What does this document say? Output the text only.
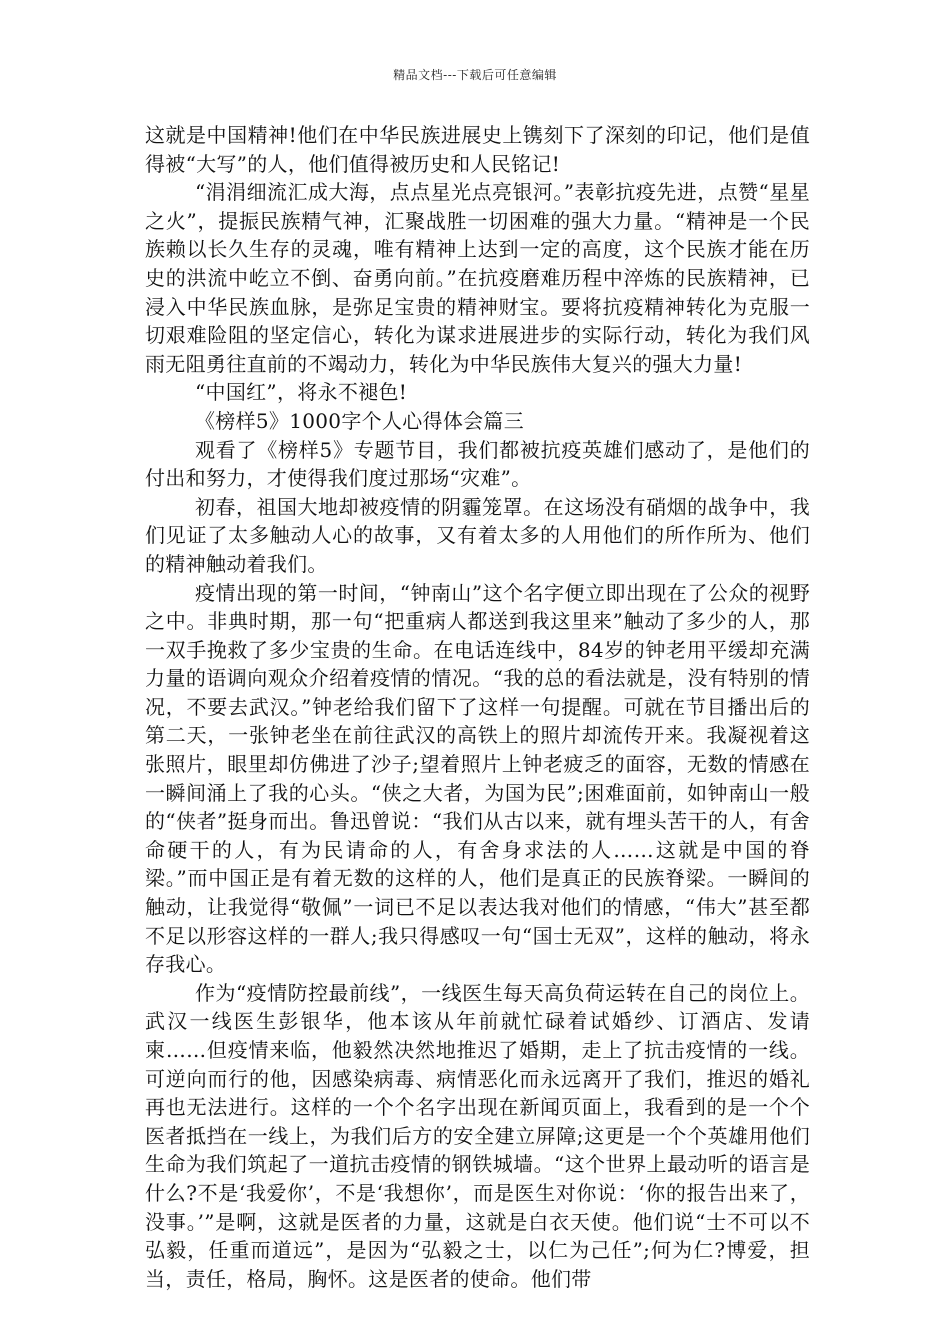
精品文档---下载后可任意编辑

这就是中国精神!他们在中华民族进展史上镌刻下了深刻的印记，他们是值得被“大写”的人，他们值得被历史和人民铭记!

“涓涓细流汇成大海，点点星光点亮银河。”表彰抗疫先进，点赞“星星之火”，提振民族精气神，汇聚战胜一切困难的强大力量。“精神是一个民族赖以长久生存的灵魂，唯有精神上达到一定的高度，这个民族才能在历史的洪流中屹立不倒、奋勇向前。”在抗疫磨难历程中淬炼的民族精神，已浸入中华民族血脉，是弥足宝贵的精神财宝。要将抗疫精神转化为克服一切艰难险阻的坚定信心，转化为谋求进展进步的实际行动，转化为我们风雨无阻勇往直前的不竭动力，转化为中华民族伟大复兴的强大力量!

“中国红”，将永不褪色!

《榜样5》1000字个人心得体会篇三

观看了《榜样5》专题节目，我们都被抗疫英雄们感动了，是他们的付出和努力，才使得我们度过那场“灾难”。

初春，祖国大地却被疫情的阴霾笼罩。在这场没有硝烟的战争中，我们见证了太多触动人心的故事，又有着太多的人用他们的所作所为、他们的精神触动着我们。

疫情出现的第一时间，“钟南山”这个名字便立即出现在了公众的视野之中。非典时期，那一句“把重病人都送到我这里来”触动了多少的人，那一双手挽救了多少宝贵的生命。在电话连线中，84岁的钟老用平缓却充满力量的语调向观众介绍着疫情的情况。“我的总的看法就是，没有特别的情况，不要去武汉。”钟老给我们留下了这样一句提醒。可就在节目播出后的第二天，一张钟老坐在前往武汉的高铁上的照片却流传开来。我凝视着这张照片，眼里却仿佛进了沙子;望着照片上钟老疲乏的面容，无数的情感在一瞬间涌上了我的心头。“侠之大者，为国为民”;困难面前，如钟南山一般的“侠者”挺身而出。鲁迅曾说：“我们从古以来，就有埋头苦干的人，有舍命硬干的人，有为民请命的人，有舍身求法的人……这就是中国的脊梁。”而中国正是有着无数的这样的人，他们是真正的民族脊梁。一瞬间的触动，让我觉得“敬佩”一词已不足以表达我对他们的情感，“伟大”甚至都不足以形容这样的一群人;我只得感叹一句“国士无双”，这样的触动，将永存我心。

作为“疫情防控最前线”，一线医生每天高负荷运转在自己的岗位上。武汉一线医生彭银华，他本该从年前就忙碌着试婚纱、订酒店、发请柬……但疫情来临，他毅然决然地推迟了婚期，走上了抗击疫情的一线。可逆向而行的他，因感染病毒、病情恶化而永远离开了我们，推迟的婚礼再也无法进行。这样的一个个名字出现在新闻页面上，我看到的是一个个医者抵挡在一线上，为我们后方的安全建立屏障;这更是一个个英雄用他们生命为我们筑起了一道抗击疫情的钢铁城墙。“这个世界上最动听的语言是什么?不是‘我爱你’，不是‘我想你’，而是医生对你说：‘你的报告出来了，没事。’”是啊，这就是医者的力量，这就是白衣天使。他们说“士不可以不弘毅，任重而道远”，是因为“弘毅之士，以仁为己任”;何为仁?博爱，担当，责任，格局，胸怀。这是医者的使命。他们带
